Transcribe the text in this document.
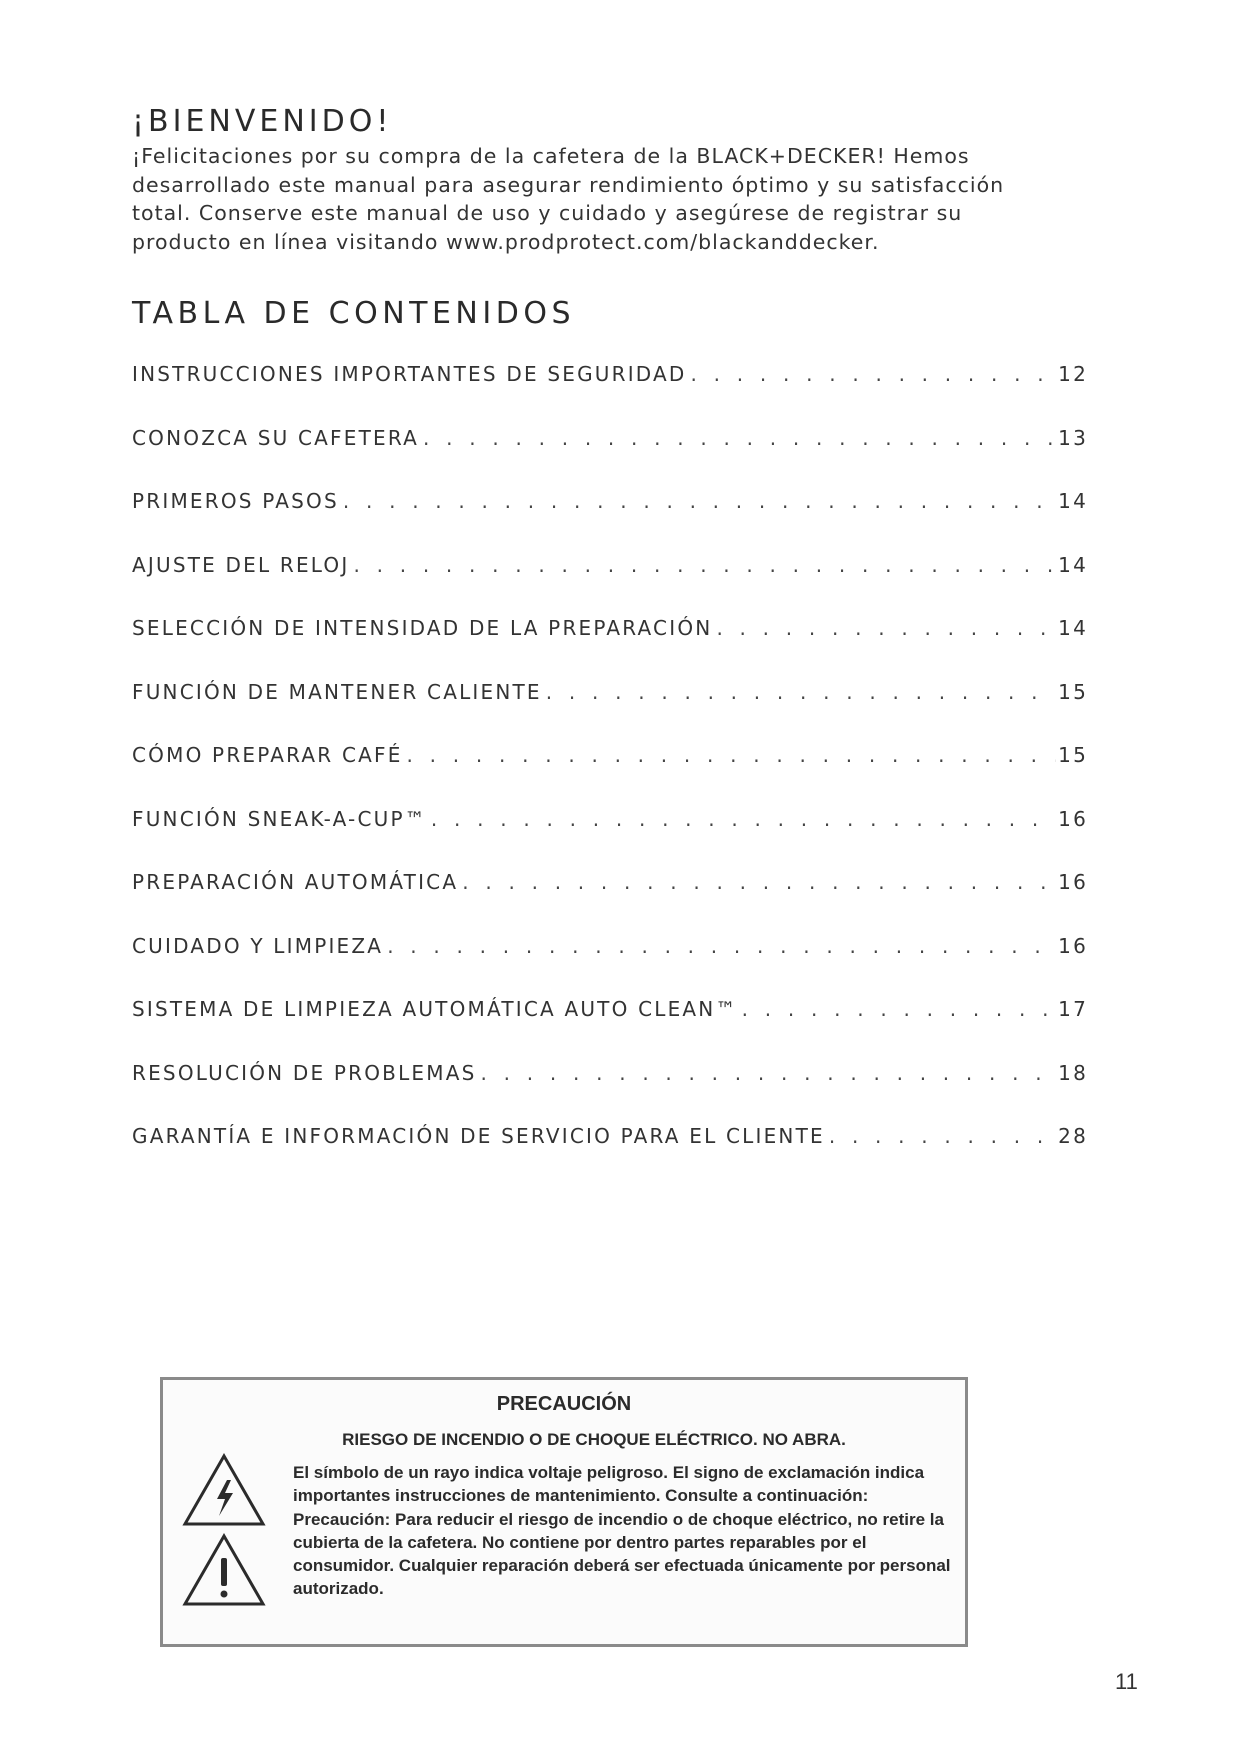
¡BIENVENIDO!

¡Felicitaciones por su compra de la cafetera de la BLACK+DECKER! Hemos desarrollado este manual para asegurar rendimiento óptimo y su satisfacción total. Conserve este manual de uso y cuidado y asegúrese de registrar su producto en línea visitando www.prodprotect.com/blackanddecker.

TABLA DE CONTENIDOS
INSTRUCCIONES IMPORTANTES DE SEGURIDAD . . .	12
CONOZCA SU CAFETERA . . .	13
PRIMEROS PASOS . . .	14
AJUSTE DEL RELOJ . . .	14
SELECCIÓN DE INTENSIDAD DE LA PREPARACIÓN . . .	14
FUNCIÓN DE MANTENER CALIENTE . . .	15
CÓMO PREPARAR CAFÉ . . .	15
FUNCIÓN SNEAK-A-CUP™ . . .	16
PREPARACIÓN AUTOMÁTICA . . .	16
CUIDADO Y LIMPIEZA . . .	16
SISTEMA DE LIMPIEZA AUTOMÁTICA AUTO CLEAN™ . . .	17
RESOLUCIÓN DE PROBLEMAS . . .	18
GARANTÍA E INFORMACIÓN DE SERVICIO PARA EL CLIENTE . . .	28
PRECAUCIÓN
RIESGO DE INCENDIO O DE CHOQUE ELÉCTRICO. NO ABRA.

El símbolo de un rayo indica voltaje peligroso. El signo de exclamación indica importantes instrucciones de mantenimiento. Consulte a continuación:

Precaución: Para reducir el riesgo de incendio o de choque eléctrico, no retire la cubierta de la cafetera. No contiene por dentro partes reparables por el consumidor. Cualquier reparación deberá ser efectuada únicamente por personal autorizado.

11
